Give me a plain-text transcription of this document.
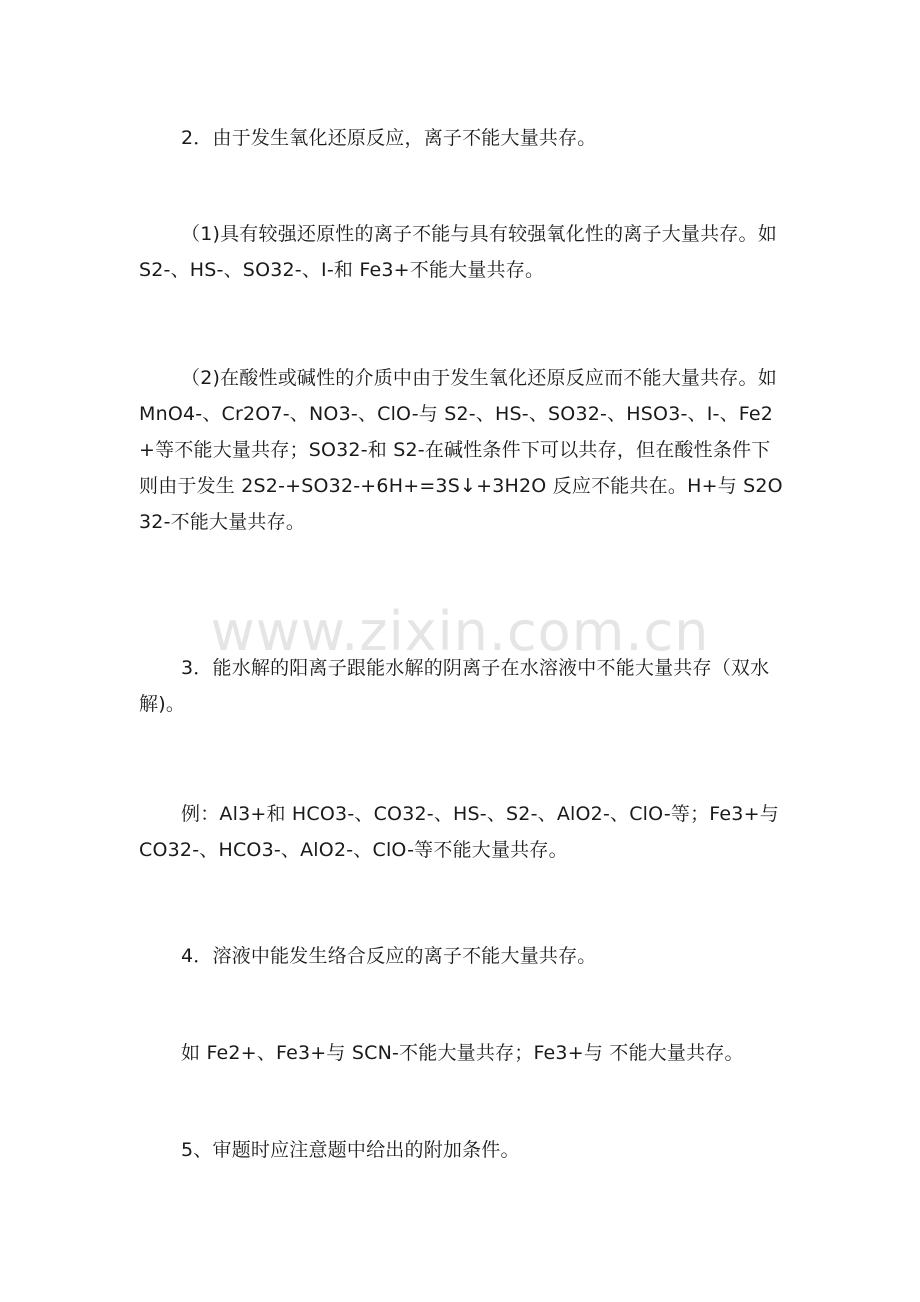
2．由于发生氧化还原反应，离子不能大量共存。

（1)具有较强还原性的离子不能与具有较强氧化性的离子大量共存。如 S2-、HS-、SO32-、I-和 Fe3+不能大量共存。

（2)在酸性或碱性的介质中由于发生氧化还原反应而不能大量共存。如 MnO4-、Cr2O7-、NO3-、ClO-与 S2-、HS-、SO32-、HSO3-、I-、Fe2+等不能大量共存；SO32-和 S2-在碱性条件下可以共存，但在酸性条件下则由于发生 2S2-+SO32-+6H+=3S↓+3H2O 反应不能共在。H+与 S2O32-不能大量共存。

3．能水解的阳离子跟能水解的阴离子在水溶液中不能大量共存（双水解)。

例：Al3+和 HCO3-、CO32-、HS-、S2-、AlO2-、ClO-等；Fe3+与 CO32-、HCO3-、AlO2-、ClO-等不能大量共存。

4．溶液中能发生络合反应的离子不能大量共存。

如 Fe2+、Fe3+与 SCN-不能大量共存；Fe3+与 不能大量共存。

5、审题时应注意题中给出的附加条件。

www.zixin.com.cn
